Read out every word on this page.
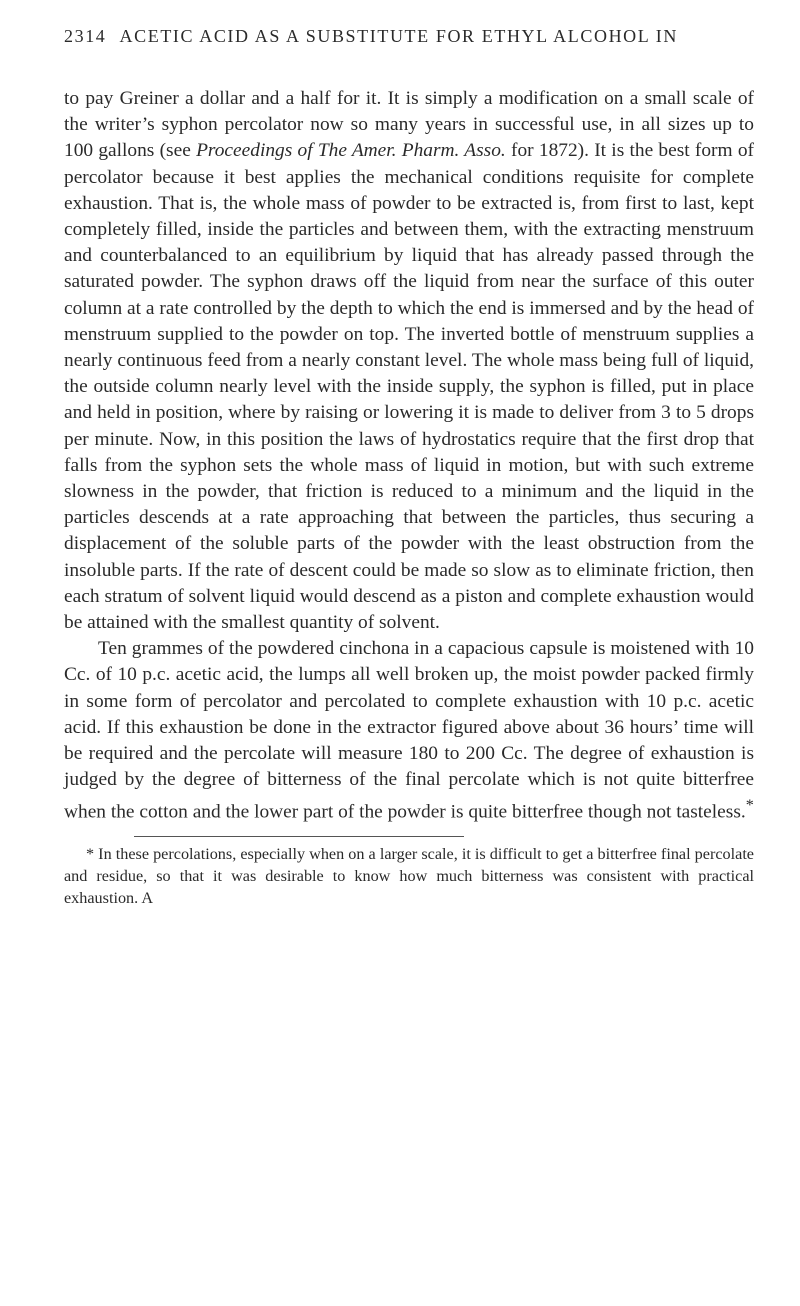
2314 ACETIC ACID AS A SUBSTITUTE FOR ETHYL ALCOHOL IN

to pay Greiner a dollar and a half for it. It is simply a modification on a small scale of the writer’s syphon percolator now so many years in successful use, in all sizes up to 100 gallons (see Proceedings of The Amer. Pharm. Asso. for 1872). It is the best form of percolator because it best applies the mechanical conditions requisite for complete exhaustion. That is, the whole mass of powder to be extracted is, from first to last, kept completely filled, inside the particles and between them, with the extracting menstruum and counterbalanced to an equilibrium by liquid that has already passed through the saturated powder. The syphon draws off the liquid from near the surface of this outer column at a rate controlled by the depth to which the end is immersed and by the head of menstruum supplied to the powder on top. The inverted bottle of menstruum supplies a nearly continuous feed from a nearly constant level. The whole mass being full of liquid, the outside column nearly level with the inside supply, the syphon is filled, put in place and held in position, where by raising or lowering it is made to deliver from 3 to 5 drops per minute. Now, in this position the laws of hydrostatics require that the first drop that falls from the syphon sets the whole mass of liquid in motion, but with such extreme slowness in the powder, that friction is reduced to a minimum and the liquid in the particles descends at a rate approaching that between the particles, thus securing a displacement of the soluble parts of the powder with the least obstruction from the insoluble parts. If the rate of descent could be made so slow as to eliminate friction, then each stratum of solvent liquid would descend as a piston and complete exhaustion would be attained with the smallest quantity of solvent.

Ten grammes of the powdered cinchona in a capacious capsule is moistened with 10 Cc. of 10 p.c. acetic acid, the lumps all well broken up, the moist powder packed firmly in some form of percolator and percolated to complete exhaustion with 10 p.c. acetic acid. If this exhaustion be done in the extractor figured above about 36 hours’ time will be required and the percolate will measure 180 to 200 Cc. The degree of exhaustion is judged by the degree of bitterness of the final percolate which is not quite bitterfree when the cotton and the lower part of the powder is quite bitterfree though not tasteless.*

* In these percolations, especially when on a larger scale, it is difficult to get a bitterfree final percolate and residue, so that it was desirable to know how much bitterness was consistent with practical exhaustion. A
